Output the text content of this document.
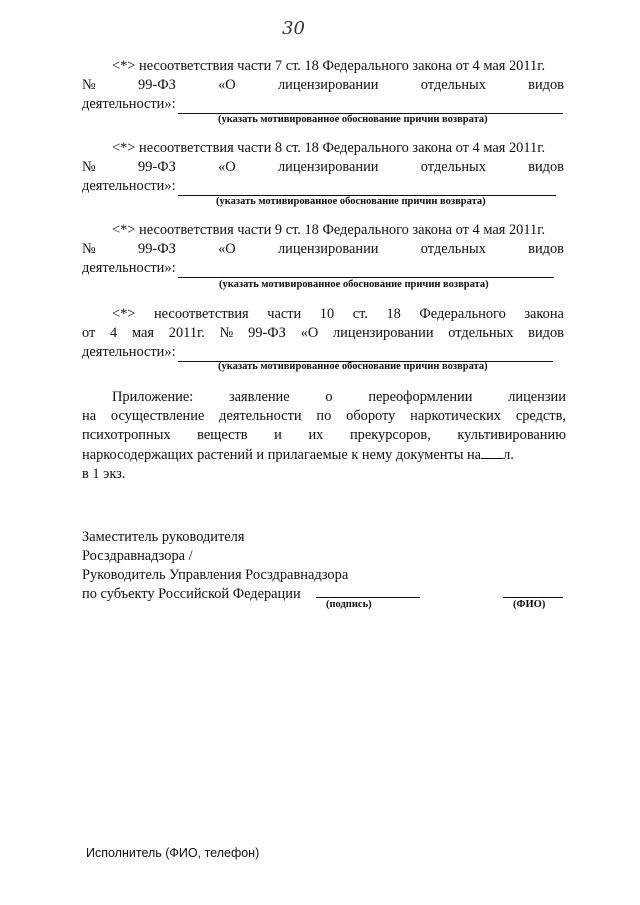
30
<*> несоответствия части 7 ст. 18 Федерального закона от 4 мая 2011г.
№	99-ФЗ	«О	лицензировании	отдельных	видов
деятельности»:
(указать мотивированное обоснование причин возврата)
<*> несоответствия части 8 ст. 18 Федерального закона от 4 мая 2011г.
№	99-ФЗ	«О	лицензировании	отдельных	видов
деятельности»:
(указать мотивированное обоснование причин возврата)
<*> несоответствия части 9 ст. 18 Федерального закона от 4 мая 2011г.
№	99-ФЗ	«О	лицензировании	отдельных	видов
деятельности»:
(указать мотивированное обоснование причин возврата)
<*> несоответствия части 10 ст. 18 Федерального закона
от 4 мая 2011г. № 99-ФЗ «О лицензировании отдельных видов
деятельности»:
(указать мотивированное обоснование причин возврата)
Приложение: заявление о переоформлении лицензии
на осуществление деятельности по обороту наркотических средств,
психотропных веществ и их прекурсоров, культивированию
наркосодержащих растений и прилагаемые к нему документы на л.
в 1 экз.
Заместитель руководителя
Росздравнадзора /
Руководитель Управления Росздравнадзора
по субъекту Российской Федерации
(подпись)	(ФИО)
Исполнитель (ФИО, телефон)
